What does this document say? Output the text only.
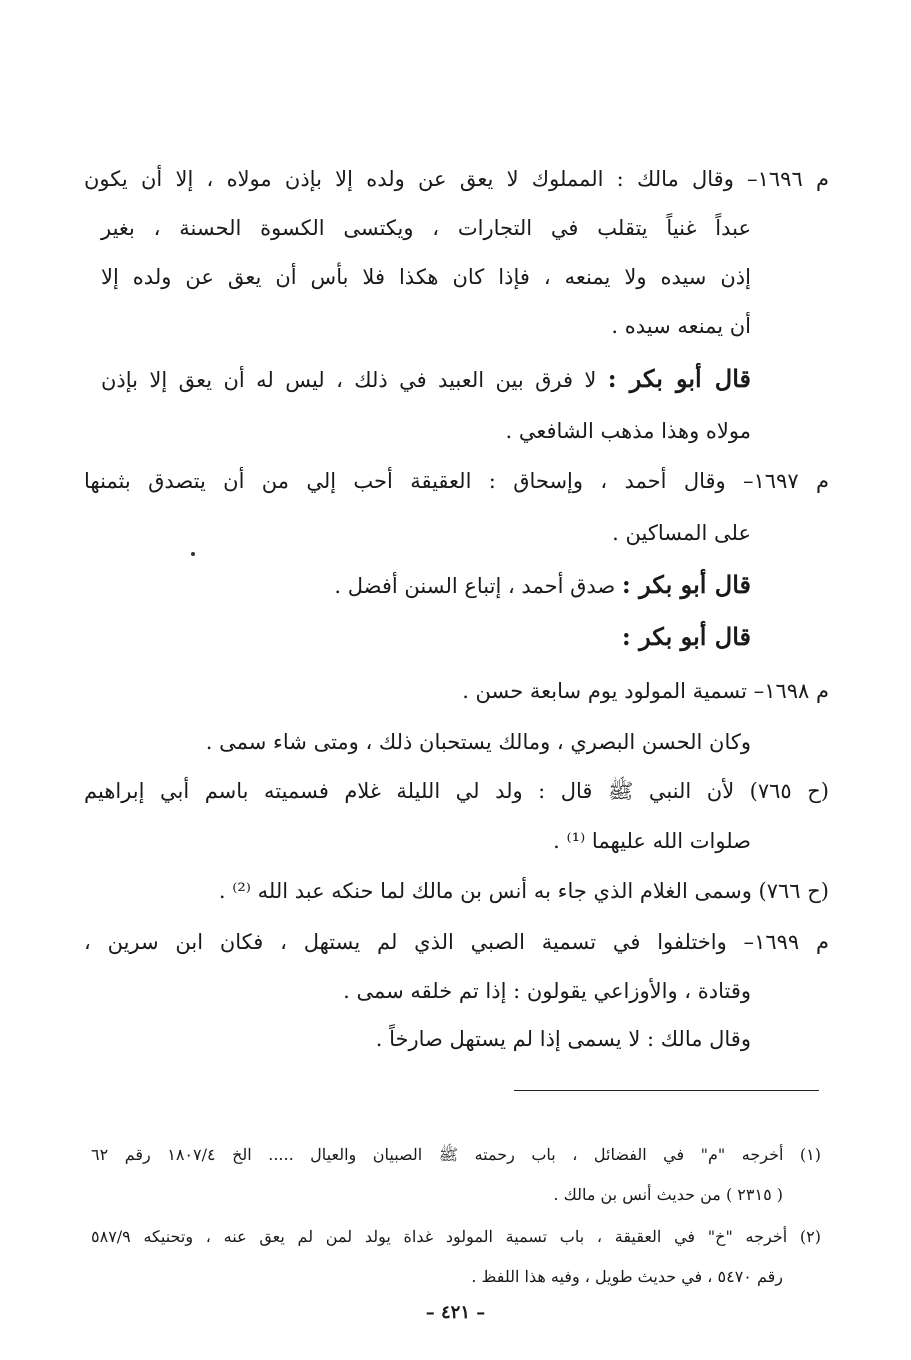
م ١٦٩٦– وقال مالك : المملوك لا يعق عن ولده إلا بإذن مولاه ، إلا أن يكون
عبداً غنياً يتقلب في التجارات ، ويكتسى الكسوة الحسنة ، بغير
إذن سيده ولا يمنعه ، فإذا كان هكذا فلا بأس أن يعق عن ولده إلا
أن يمنعه سيده .
قال أبو بكر : لا فرق بين العبيد في ذلك ، ليس له أن يعق إلا بإذن
مولاه وهذا مذهب الشافعي .
م ١٦٩٧– وقال أحمد ، وإسحاق : العقيقة أحب إلي من أن يتصدق بثمنها
على المساكين .
قال أبو بكر : صدق أحمد ، إتباع السنن أفضل .
قال أبو بكر :
م ١٦٩٨– تسمية المولود يوم سابعة حسن .
وكان الحسن البصري ، ومالك يستحبان ذلك ، ومتى شاء سمى .
(ح ٧٦٥) لأن النبي ﷺ قال : ولد لي الليلة غلام فسميته باسم أبي إبراهيم
صلوات الله عليهما ⁽¹⁾ .
(ح ٧٦٦) وسمى الغلام الذي جاء به أنس بن مالك لما حنكه عبد الله ⁽²⁾ .
م ١٦٩٩– واختلفوا في تسمية الصبي الذي لم يستهل ، فكان ابن سرين ،
وقتادة ، والأوزاعي يقولون : إذا تم خلقه سمى .
وقال مالك : لا يسمى إذا لم يستهل صارخاً .
(١) أخرجه "م" في الفضائل ، باب رحمته ﷺ الصبيان والعيال ..... الخ ١٨٠٧/٤ رقم ٦٢
( ٢٣١٥ ) من حديث أنس بن مالك .
(٢) أخرجه "خ" في العقيقة ، باب تسمية المولود غداة يولد لمن لم يعق عنه ، وتحنيكه ٥٨٧/٩
رقم ٥٤٧٠ ، في حديث طويل ، وفيه هذا اللفظ .
– ٤٢١ –
